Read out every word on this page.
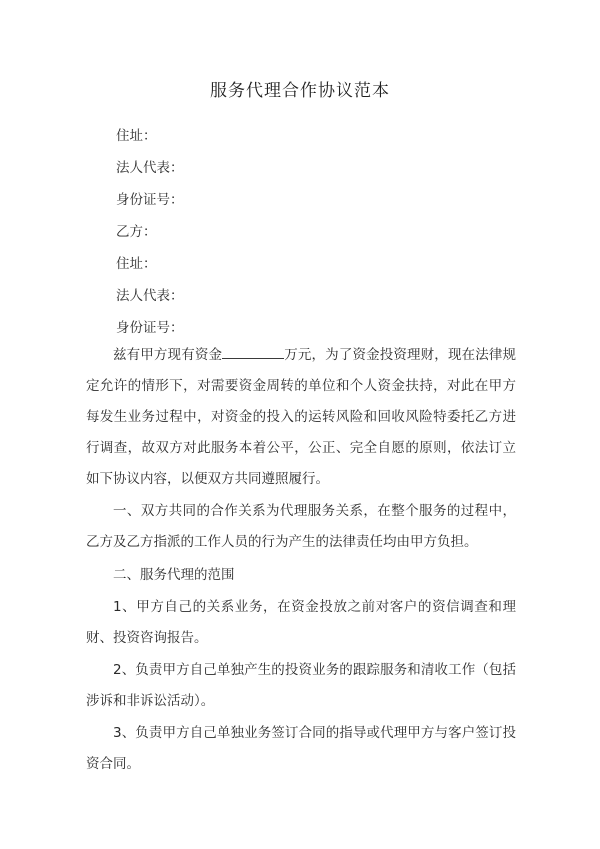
服务代理合作协议范本
住址：
法人代表：
身份证号：
乙方：
住址：
法人代表：
身份证号：

兹有甲方现有资金	万元，为了资金投资理财，现在法律规定允许的情形下，对需要资金周转的单位和个人资金扶持，对此在甲方每发生业务过程中，对资金的投入的运转风险和回收风险特委托乙方进行调查，故双方对此服务本着公平，公正、完全自愿的原则，依法订立如下协议内容，以便双方共同遵照履行。

一、双方共同的合作关系为代理服务关系，在整个服务的过程中，乙方及乙方指派的工作人员的行为产生的法律责任均由甲方负担。

二、服务代理的范围

1、甲方自己的关系业务，在资金投放之前对客户的资信调查和理财、投资咨询报告。

2、负责甲方自己单独产生的投资业务的跟踪服务和清收工作（包括涉诉和非诉讼活动）。

3、负责甲方自己单独业务签订合同的指导或代理甲方与客户签订投资合同。
